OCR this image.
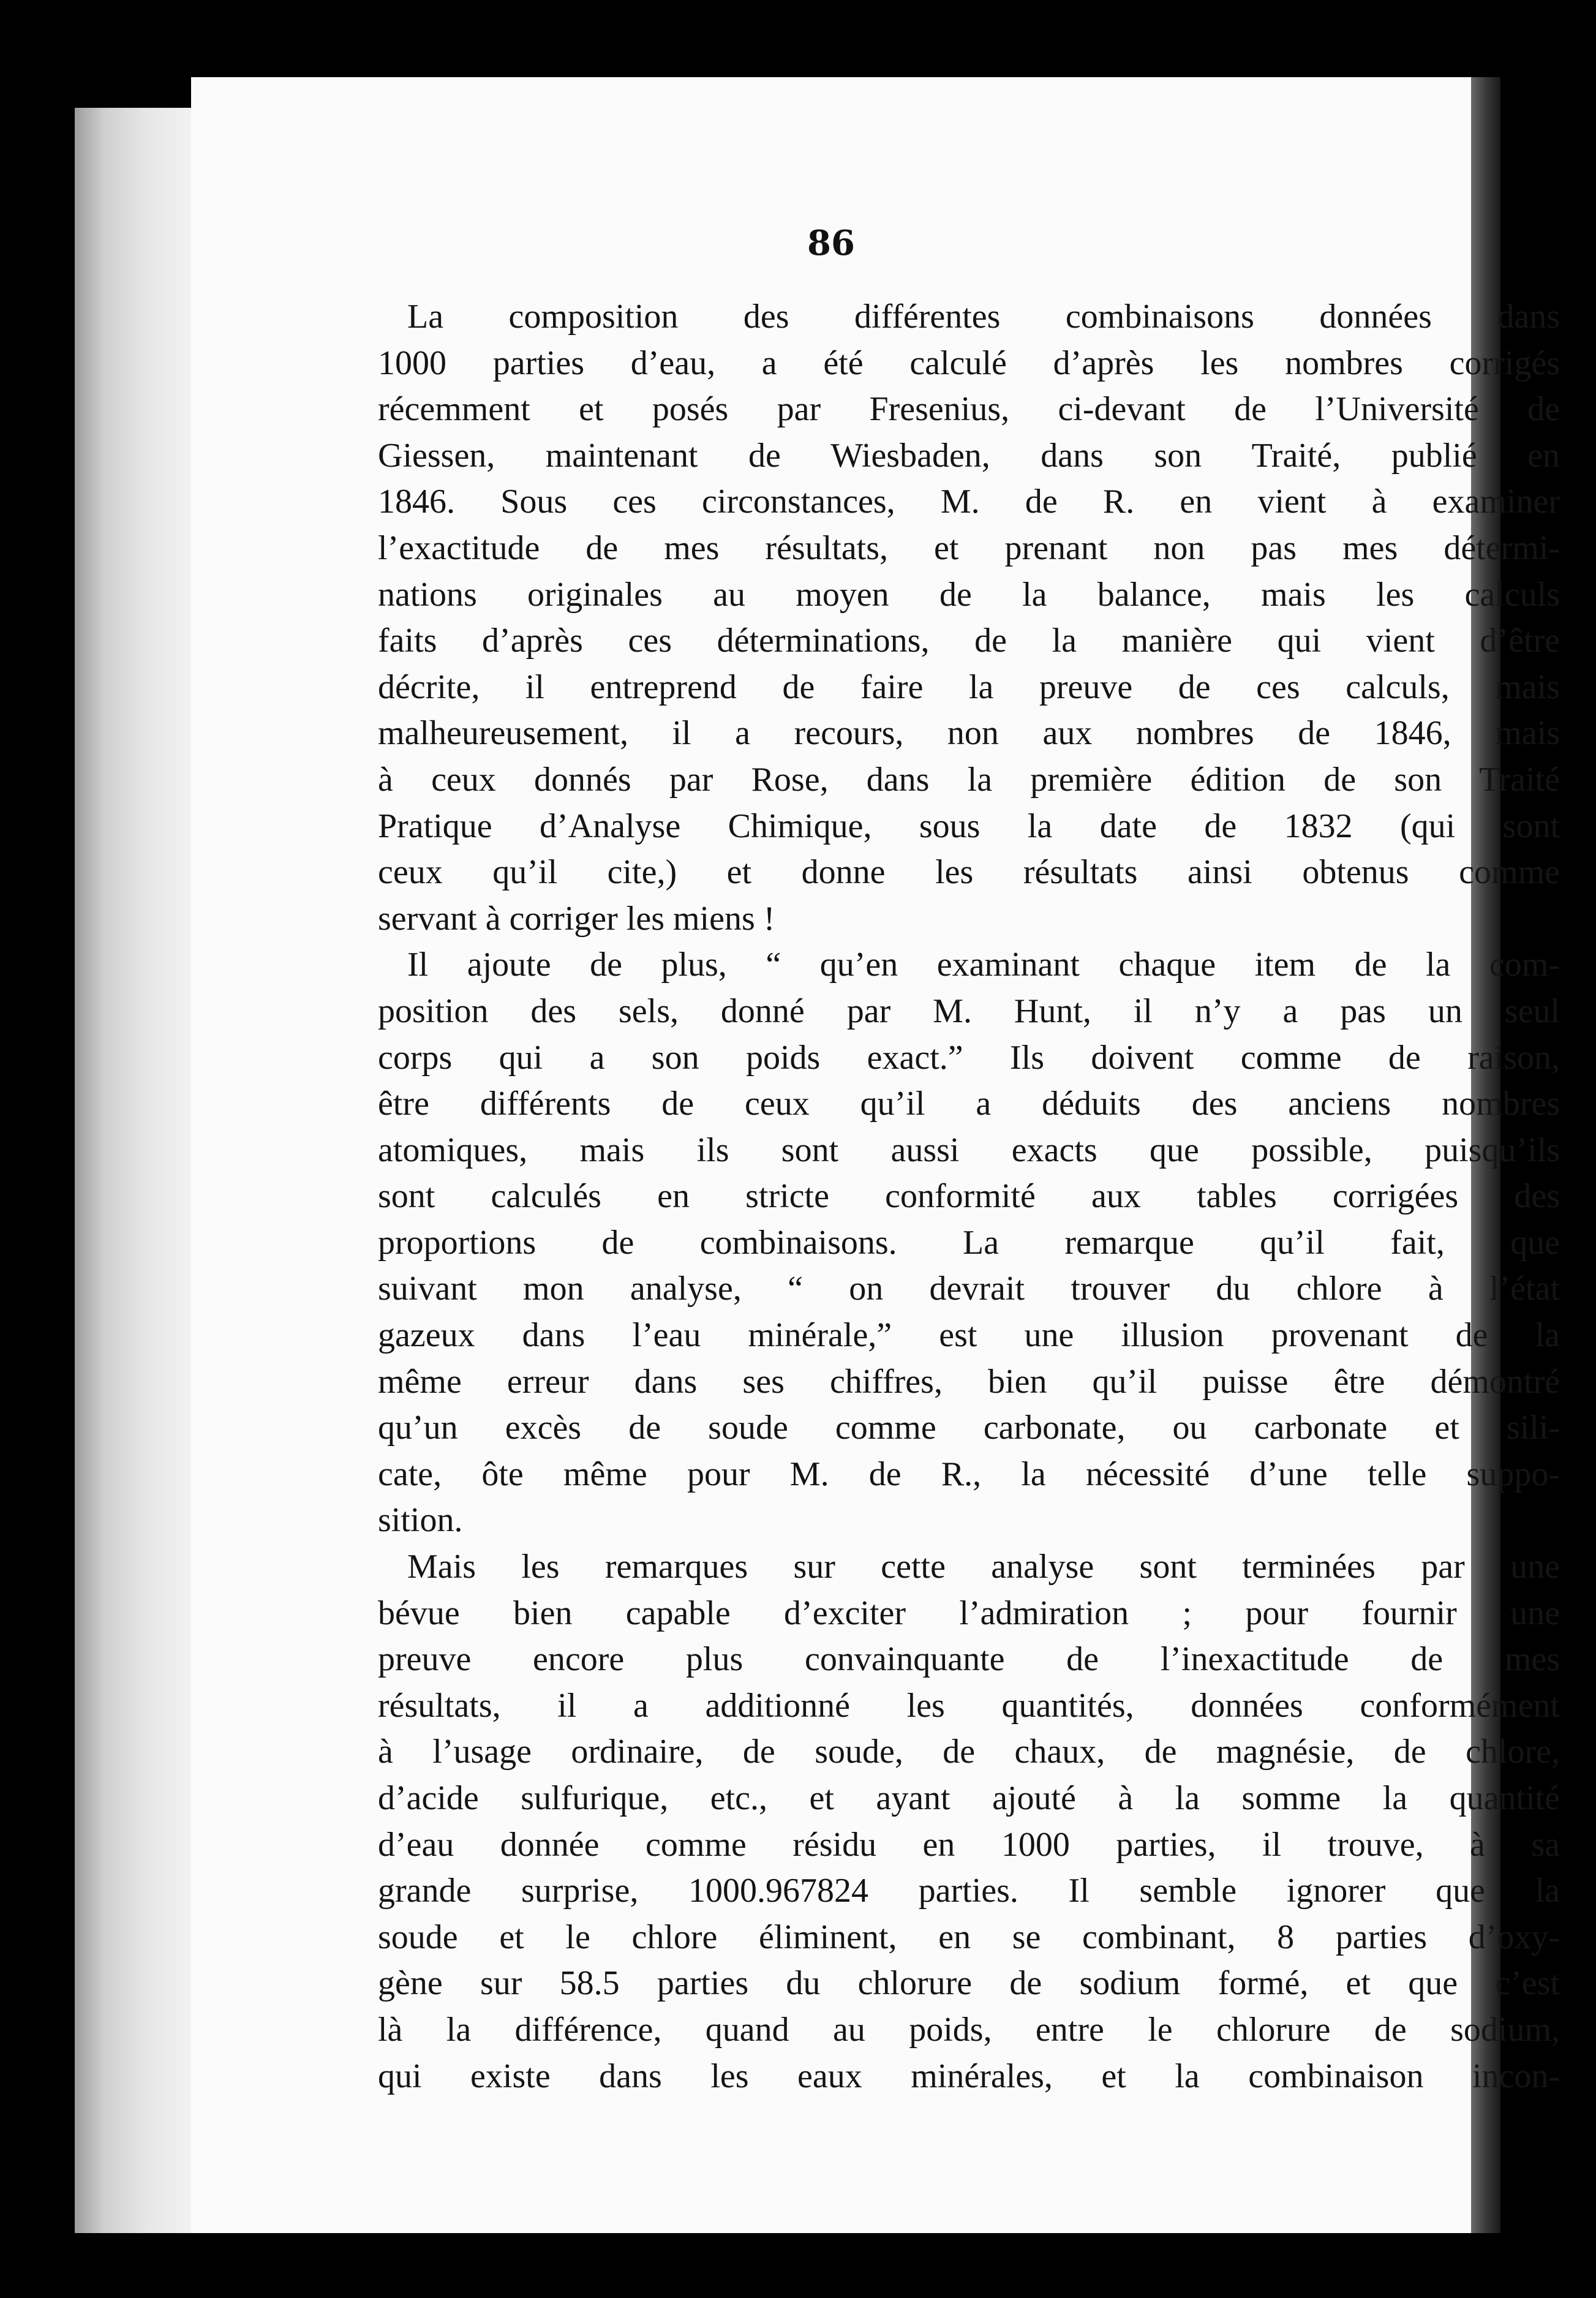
86
La composition des différentes combinaisons données dans
1000 parties d’eau, a été calculé d’après les nombres corrigés
récemment et posés par Fresenius, ci-devant de l’Université de
Giessen, maintenant de Wiesbaden, dans son Traité, publié en
1846. Sous ces circonstances, M. de R. en vient à examiner
l’exactitude de mes résultats, et prenant non pas mes détermi-
nations originales au moyen de la balance, mais les calculs
faits d’après ces déterminations, de la manière qui vient d’être
décrite, il entreprend de faire la preuve de ces calculs, mais
malheureusement, il a recours, non aux nombres de 1846, mais
à ceux donnés par Rose, dans la première édition de son Traité
Pratique d’Analyse Chimique, sous la date de 1832 (qui sont
ceux qu’il cite,) et donne les résultats ainsi obtenus comme
servant à corriger les miens !
Il ajoute de plus, “ qu’en examinant chaque item de la com-
position des sels, donné par M. Hunt, il n’y a pas un seul
corps qui a son poids exact.” Ils doivent comme de raison,
être différents de ceux qu’il a déduits des anciens nombres
atomiques, mais ils sont aussi exacts que possible, puisqu’ils
sont calculés en stricte conformité aux tables corrigées des
proportions de combinaisons. La remarque qu’il fait, que
suivant mon analyse, “ on devrait trouver du chlore à l’état
gazeux dans l’eau minérale,” est une illusion provenant de la
même erreur dans ses chiffres, bien qu’il puisse être démontré
qu’un excès de soude comme carbonate, ou carbonate et sili-
cate, ôte même pour M. de R., la nécessité d’une telle suppo-
sition.
Mais les remarques sur cette analyse sont terminées par une
bévue bien capable d’exciter l’admiration ; pour fournir une
preuve encore plus convainquante de l’inexactitude de mes
résultats, il a additionné les quantités, données conformément
à l’usage ordinaire, de soude, de chaux, de magnésie, de chlore,
d’acide sulfurique, etc., et ayant ajouté à la somme la quantité
d’eau donnée comme résidu en 1000 parties, il trouve, à sa
grande surprise, 1000.967824 parties. Il semble ignorer que la
soude et le chlore éliminent, en se combinant, 8 parties d’oxy-
gène sur 58.5 parties du chlorure de sodium formé, et que c’est
là la différence, quand au poids, entre le chlorure de sodium,
qui existe dans les eaux minérales, et la combinaison incon-
